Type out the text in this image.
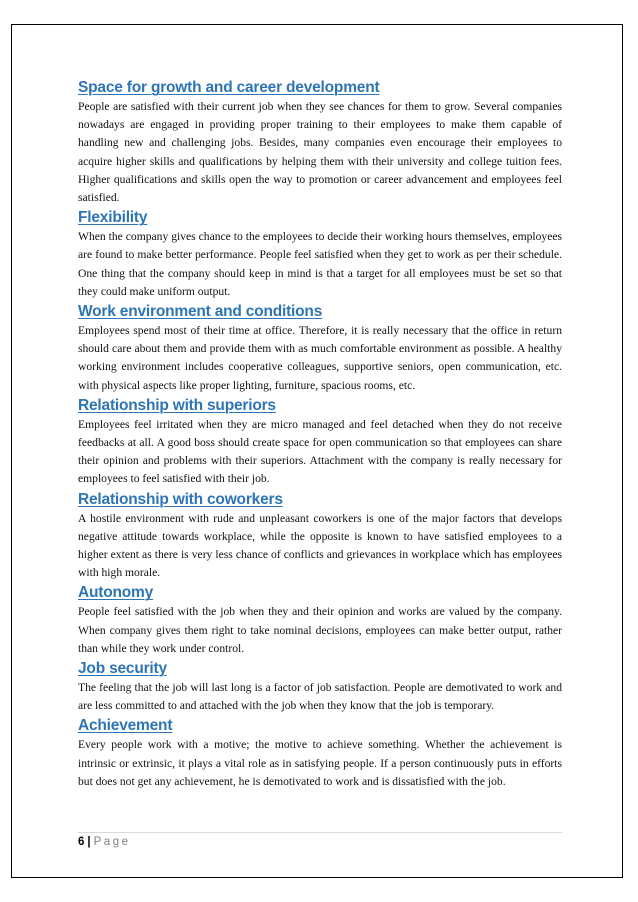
Space for growth and career development

People are satisfied with their current job when they see chances for them to grow. Several companies nowadays are engaged in providing proper training to their employees to make them capable of handling new and challenging jobs. Besides, many companies even encourage their employees to acquire higher skills and qualifications by helping them with their university and college tuition fees. Higher qualifications and skills open the way to promotion or career advancement and employees feel satisfied.

Flexibility

When the company gives chance to the employees to decide their working hours themselves, employees are found to make better performance. People feel satisfied when they get to work as per their schedule. One thing that the company should keep in mind is that a target for all employees must be set so that they could make uniform output.

Work environment and conditions

Employees spend most of their time at office. Therefore, it is really necessary that the office in return should care about them and provide them with as much comfortable environment as possible. A healthy working environment includes cooperative colleagues, supportive seniors, open communication, etc. with physical aspects like proper lighting, furniture, spacious rooms, etc.

Relationship with superiors

Employees feel irritated when they are micro managed and feel detached when they do not receive feedbacks at all. A good boss should create space for open communication so that employees can share their opinion and problems with their superiors. Attachment with the company is really necessary for employees to feel satisfied with their job.

Relationship with coworkers

A hostile environment with rude and unpleasant coworkers is one of the major factors that develops negative attitude towards workplace, while the opposite is known to have satisfied employees to a higher extent as there is very less chance of conflicts and grievances in workplace which has employees with high morale.

Autonomy

People feel satisfied with the job when they and their opinion and works are valued by the company. When company gives them right to take nominal decisions, employees can make better output, rather than while they work under control.

Job security

The feeling that the job will last long is a factor of job satisfaction. People are demotivated to work and are less committed to and attached with the job when they know that the job is temporary.

Achievement

Every people work with a motive; the motive to achieve something. Whether the achievement is intrinsic or extrinsic, it plays a vital role as in satisfying people. If a person continuously puts in efforts but does not get any achievement, he is demotivated to work and is dissatisfied with the job.

6 | Page
